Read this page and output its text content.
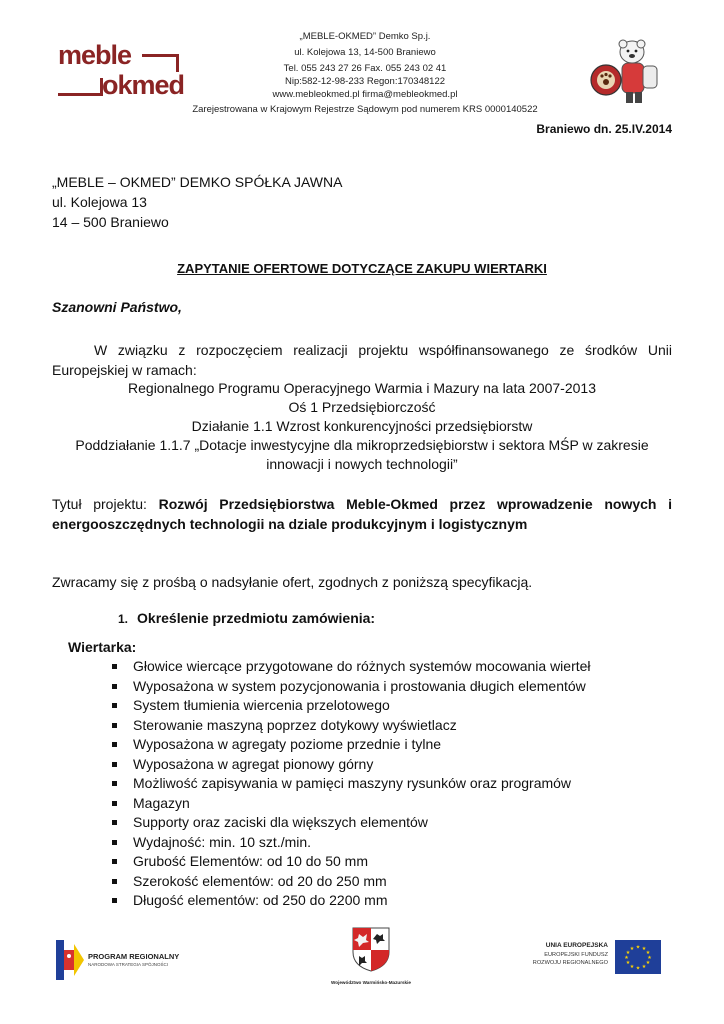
meble
okmed
„MEBLE-OKMED” Demko Sp.j.
ul. Kolejowa 13, 14-500 Braniewo
Tel. 055 243 27 26 Fax. 055 243 02 41
Nip:582-12-98-233 Regon:170348122
www.mebleokmed.pl firma@mebleokmed.pl
Zarejestrowana w Krajowym Rejestrze Sądowym pod numerem KRS 0000140522
Braniewo dn. 25.IV.2014
„MEBLE – OKMED” DEMKO SPÓŁKA JAWNA
ul. Kolejowa 13
14 – 500 Braniewo
ZAPYTANIE OFERTOWE DOTYCZĄCE ZAKUPU WIERTARKI
Szanowni Państwo,
W związku z rozpoczęciem realizacji projektu współfinansowanego ze środków Unii Europejskiej w ramach:
Regionalnego Programu Operacyjnego Warmia i Mazury na lata 2007-2013
Oś 1 Przedsiębiorczość
Działanie 1.1 Wzrost konkurencyjności przedsiębiorstw
Poddziałanie 1.1.7 „Dotacje inwestycyjne dla mikroprzedsiębiorstw i sektora MŚP w zakresie
innowacji i nowych technologii”
Tytuł projektu: Rozwój Przedsiębiorstwa Meble-Okmed przez wprowadzenie nowych i energooszczędnych technologii na dziale produkcyjnym i logistycznym
Zwracamy się z prośbą o nadsyłanie ofert, zgodnych z poniższą specyfikacją.
1. Określenie przedmiotu zamówienia:
Wiertarka:
Głowice wiercące przygotowane do różnych systemów mocowania wierteł
Wyposażona w system pozycjonowania i prostowania długich elementów
System tłumienia wiercenia przelotowego
Sterowanie maszyną poprzez dotykowy wyświetlacz
Wyposażona w agregaty poziome przednie i tylne
Wyposażona w agregat pionowy górny
Możliwość zapisywania w pamięci maszyny rysunków oraz programów
Magazyn
Supporty oraz zaciski dla większych elementów
Wydajność: min. 10 szt./min.
Grubość Elementów: od 10 do 50 mm
Szerokość elementów: od 20 do 250 mm
Długość elementów: od 250 do 2200 mm
PROGRAM REGIONALNY
NARODOWA STRATEGIA SPÓJNOŚCI
Województwo Warmińsko-Mazurskie
UNIA EUROPEJSKA
EUROPEJSKI FUNDUSZ
ROZWOJU REGIONALNEGO
★ ★
★
★
★
★
★
★
★
★
★
★
